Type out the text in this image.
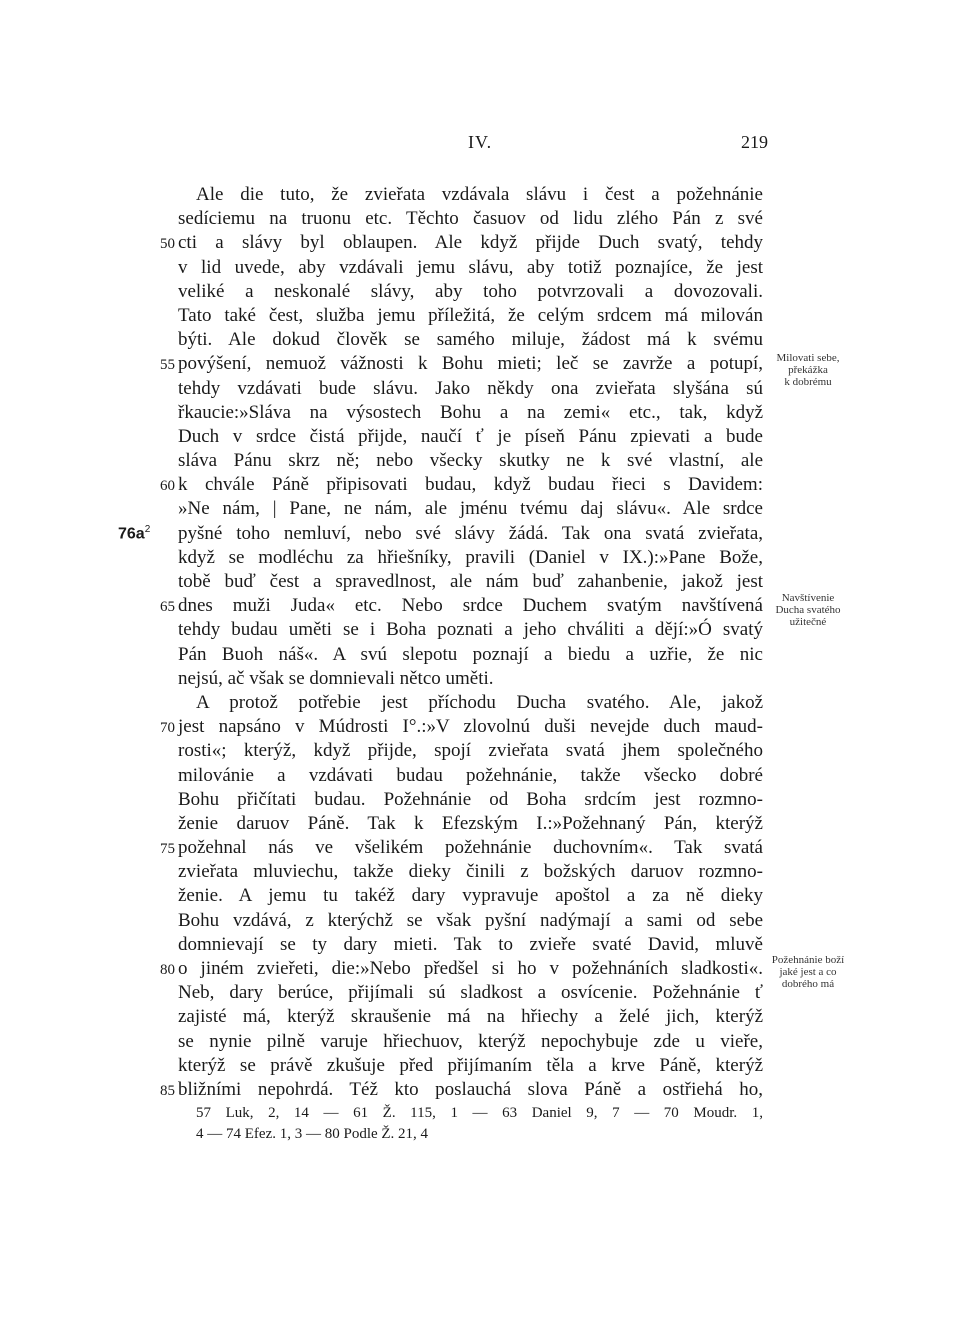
IV.	219
Ale die tuto, že zvieřata vzdávala slávu i čest a požehnánie
sedíciemu na truonu etc. Těchto časuov od lidu zlého Pán z své
50 cti a slávy byl oblaupen. Ale když přijde Duch svatý, tehdy
v lid uvede, aby vzdávali jemu slávu, aby totiž poznajíce, že jest
veliké a neskonalé slávy, aby toho potvrzovali a dovozovali.
Tato také čest, služba jemu příležitá, že celým srdcem má milován
býti. Ale dokud člověk se samého miluje, žádost má k svému
55 povýšení, nemuož vážnosti k Bohu mieti; leč se zavrže a potupí,
tehdy vzdávati bude slávu. Jako někdy ona zvieřata slyšána sú
řkaucie:»Sláva na výsostech Bohu a na zemi« etc., tak, když
Duch v srdce čistá přijde, naučí ť je píseň Pánu zpievati a bude
sláva Pánu skrz ně; nebo všecky skutky ne k své vlastní, ale
60 k chvále Páně připisovati budau, když budau řieci s Davidem:
»Ne nám, | Pane, ne nám, ale jménu tvému daj slávu«. Ale srdce
$76a^2$ pyšné toho nemluví, nebo své slávy žádá. Tak ona svatá zvieřata,
když se modléchu za hřiešníky, pravili (Daniel v IX.):»Pane Bože,
tobě buď čest a spravedlnost, ale nám buď zahanbenie, jakož jest
65 dnes muži Juda« etc. Nebo srdce Duchem svatým navštívená
tehdy budau uměti se i Boha poznati a jeho chváliti a dějí:»Ó svatý
Pán Buoh náš«. A svú slepotu poznají a biedu a uzřie, že nic
nejsú, ač však se domnievali nětco uměti.
A protož potřebie jest příchodu Ducha svatého. Ale, jakož
70 jest napsáno v Múdrosti I°.:»V zlovolnú duši nevejde duch maud-
rosti«; kterýž, když přijde, spojí zvieřata svatá jhem společného
milovánie a vzdávati budau požehnánie, takže všecko dobré
Bohu přičítati budau. Požehnánie od Boha srdcím jest rozmno-
ženie daruov Páně. Tak k Efezským I.:»Požehnaný Pán, kterýž
75 požehnal nás ve všelikém požehnánie duchovním«. Tak svatá
zvieřata mluviechu, takže dieky činili z božských daruov rozmno-
ženie. A jemu tu takéž dary vypravuje apoštol a za ně dieky
Bohu vzdává, z kterýchž se však pyšní nadýmají a sami od sebe
domnievají se ty dary mieti. Tak to zvieře svaté David, mluvě
80 o jiném zvieřeti, die:»Nebo předšel si ho v požehnáních sladkosti«.
Neb, dary berúce, přijímali sú sladkost a osvícenie. Požehnánie ť
zajisté má, kterýž skraušenie má na hřiechy a želé jich, kterýž
se nynie pilně varuje hřiechuov, kterýž nepochybuje zde u vieře,
kterýž se právě zkušuje před přijímaním těla a krve Páně, kterýž
85 bližními nepohrdá. Též kto poslauchá slova Páně a ostřiehá ho,
Milovati sebe,
překážka
k dobrému
Navštívenie
Ducha svatého
užitečné
Požehnánie boží
jaké jest a co
dobrého má
57 Luk, 2, 14 — 61 Ž. 115, 1 — 63 Daniel 9, 7 — 70 Moudr. 1,
4 — 74 Efez. 1, 3 — 80 Podle Ž. 21, 4
